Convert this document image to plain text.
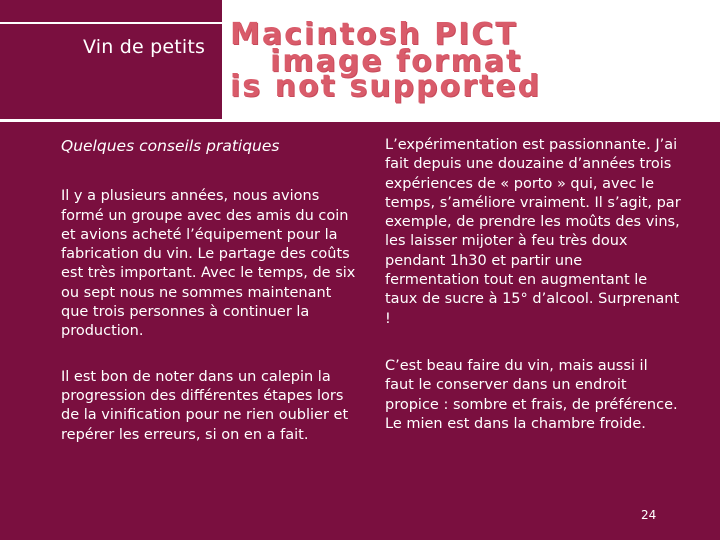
Vin de petits Macintosh PICT
image format
is not supported

Quelques conseils pratiques

Il y a plusieurs années, nous avions formé un groupe avec des amis du coin et avions acheté l’équipement pour la fabrication du vin. Le partage des coûts est très important. Avec le temps, de six ou sept nous ne sommes maintenant que trois personnes à continuer la production.

Il est bon de noter dans un calepin la progression des différentes étapes lors de la vinification pour ne rien oublier et repérer les erreurs, si on en a fait.

L’expérimentation est passionnante. J’ai fait depuis une douzaine d’années trois expériences de « porto » qui, avec le temps, s’améliore vraiment. Il s’agit, par exemple, de prendre les moûts des vins, les laisser mijoter à feu très doux pendant 1h30 et partir une fermentation tout en augmentant le taux de sucre à 15° d’alcool. Surprenant !

C’est beau faire du vin, mais aussi il faut le conserver dans un endroit propice : sombre et frais, de préférence. Le mien est dans la chambre froide.

24
